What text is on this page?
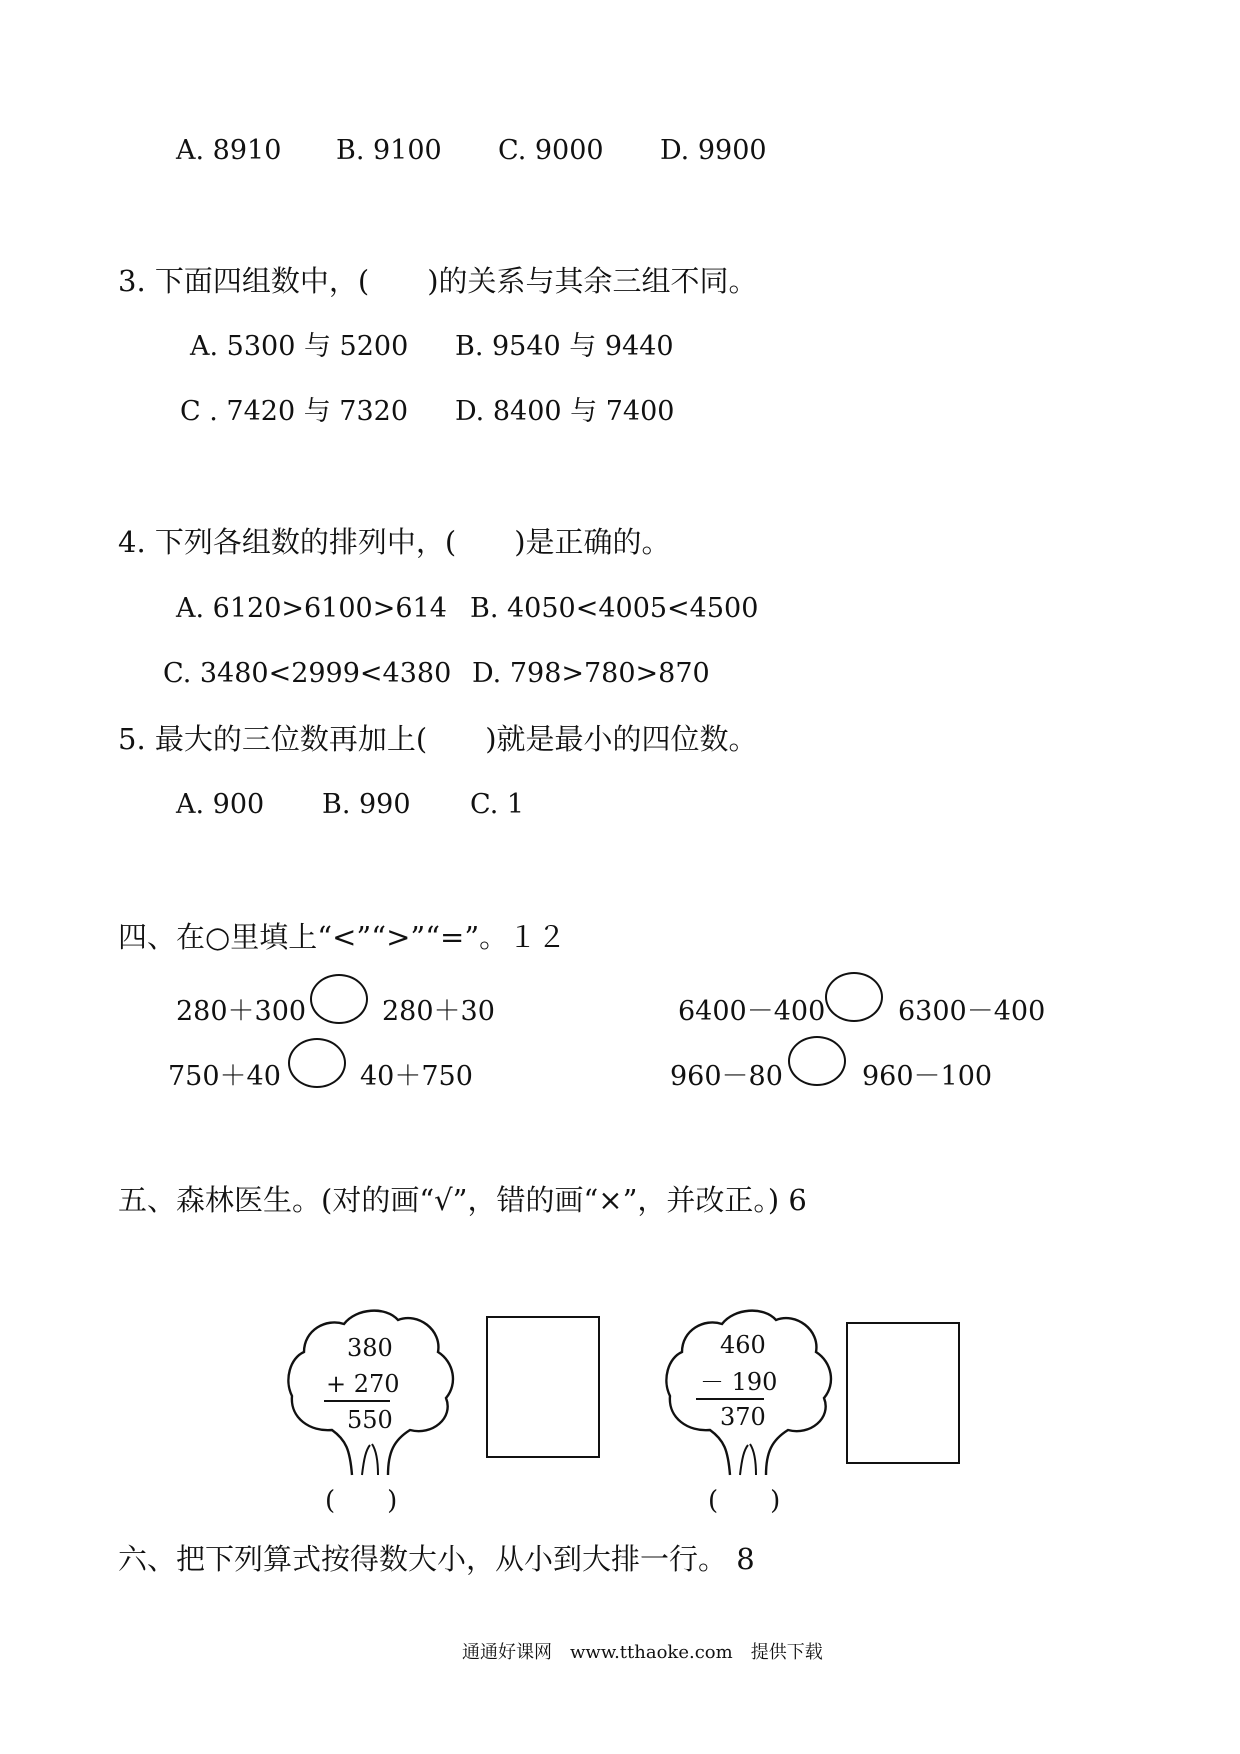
A. 8910 B. 9100 C. 9000 D. 9900
3. 下面四组数中，(　　)的关系与其余三组不同。
A. 5300 与 5200 B. 9540 与 9440
C . 7420 与 7320 D. 8400 与 7400
4. 下列各组数的排列中，(　　)是正确的。
A. 6120>6100>614 B. 4050<4005<4500
C. 3480<2999<4380 D. 798>780>870
5. 最大的三位数再加上(　　)就是最小的四位数。
A. 900 B. 990 C. 1
四、在○里填上“<”“>”“=”。１２
280＋300	280＋30	6400－400	6300－400
750＋40	40＋750	960－80	960－100
五、森林医生。(对的画“√”，错的画“×”，并改正。) 6
380
+ 270
550
(　　)
460
－ 190
370
(　　)
六、把下列算式按得数大小，从小到大排一行。 8
通通好课网　www.tthaoke.com　提供下载
